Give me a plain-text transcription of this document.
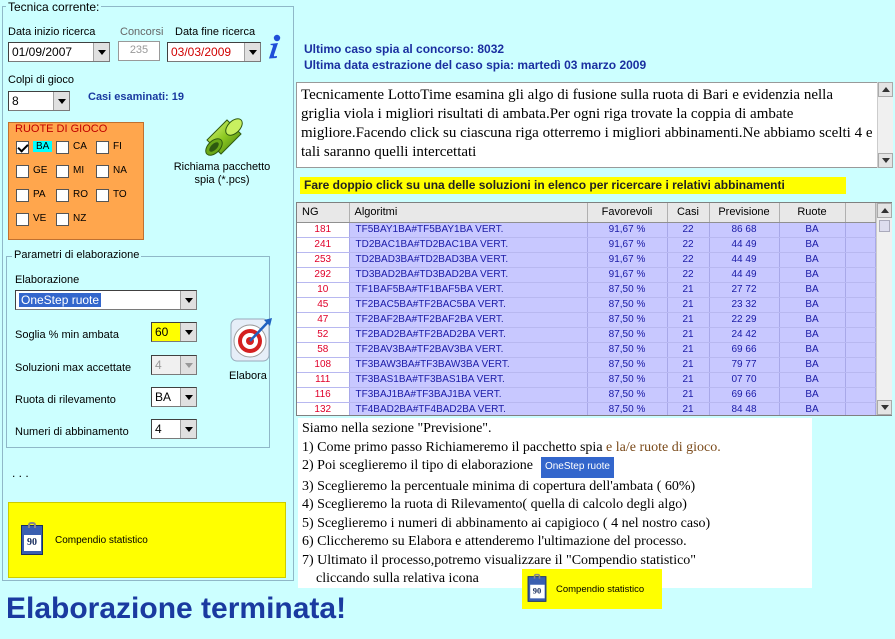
Tecnica corrente:
Data inizio ricerca
01/09/2007
Concorsi
235
Data fine ricerca
03/03/2009
Colpi di gioco
8	Casi esaminati: 19
RUOTE DI GIOCO
Richiama pacchetto
spia (*.pcs)
Parametri di elaborazione
Elaborazione
OneStep ruote
Soglia % min ambata	60
Soluzioni max accettate	4
Ruota di rilevamento	BA
Numeri di abbinamento	4
Elabora
. . .
90	Compendio statistico
Ultimo caso spia al concorso: 8032
Ultima data estrazione del caso spia: martedì 03 marzo 2009
Tecnicamente LottoTime esamina gli algo di fusione sulla ruota di Bari e evidenzia nella griglia viola i migliori risultati di ambata.Per ogni riga trovate la coppia di ambate migliore.Facendo click su ciascuna riga otterremo i migliori abbinamenti.Ne abbiamo scelti 4 e tali saranno quelli intercettati
Fare doppio click su una delle soluzioni in elenco per ricercare i relativi abbinamenti
NG	Algoritmi	Favorevoli	Casi	Previsione	Ruote	
181	TF5BAY1BA#TF5BAY1BA VERT.	91,67 %	22	86 68	BA	
241	TD2BAC1BA#TD2BAC1BA VERT.	91,67 %	22	44 49	BA	
253	TD2BAD3BA#TD2BAD3BA VERT.	91,67 %	22	44 49	BA	
292	TD3BAD2BA#TD3BAD2BA VERT.	91,67 %	22	44 49	BA	
10	TF1BAF5BA#TF1BAF5BA VERT.	87,50 %	21	27 72	BA	
45	TF2BAC5BA#TF2BAC5BA VERT.	87,50 %	21	23 32	BA	
47	TF2BAF2BA#TF2BAF2BA VERT.	87,50 %	21	22 29	BA	
52	TF2BAD2BA#TF2BAD2BA VERT.	87,50 %	21	24 42	BA	
58	TF2BAV3BA#TF2BAV3BA VERT.	87,50 %	21	69 66	BA	
108	TF3BAW3BA#TF3BAW3BA VERT.	87,50 %	21	79 77	BA	
111	TF3BAS1BA#TF3BAS1BA VERT.	87,50 %	21	07 70	BA	
116	TF3BAJ1BA#TF3BAJ1BA VERT.	87,50 %	21	69 66	BA	
132	TF4BAD2BA#TF4BAD2BA VERT.	87,50 %	21	84 48	BA	
Siamo nella sezione "Previsione".
1) Come primo passo Richiameremo il pacchetto spia e la/e ruote di gioco.
2) Poi sceglieremo il tipo di elaborazione OneStep ruote
3) Sceglieremo la percentuale minima di copertura dell'ambata ( 60%)
4) Sceglieremo la ruota di Rilevamento( quella di calcolo degli algo)
5) Sceglieremo i numeri di abbinamento ai capigioco ( 4 nel nostro caso)
6) Cliccheremo su Elabora e attenderemo l'ultimazione del processo.
7) Ultimato il processo,potremo visualizzare il "Compendio statistico"
cliccando sulla relativa icona
90	Compendio statistico
Elaborazione terminata!
BA	CA	FI
GE	MI	NA
PA	RO	TO
VE	NZ
